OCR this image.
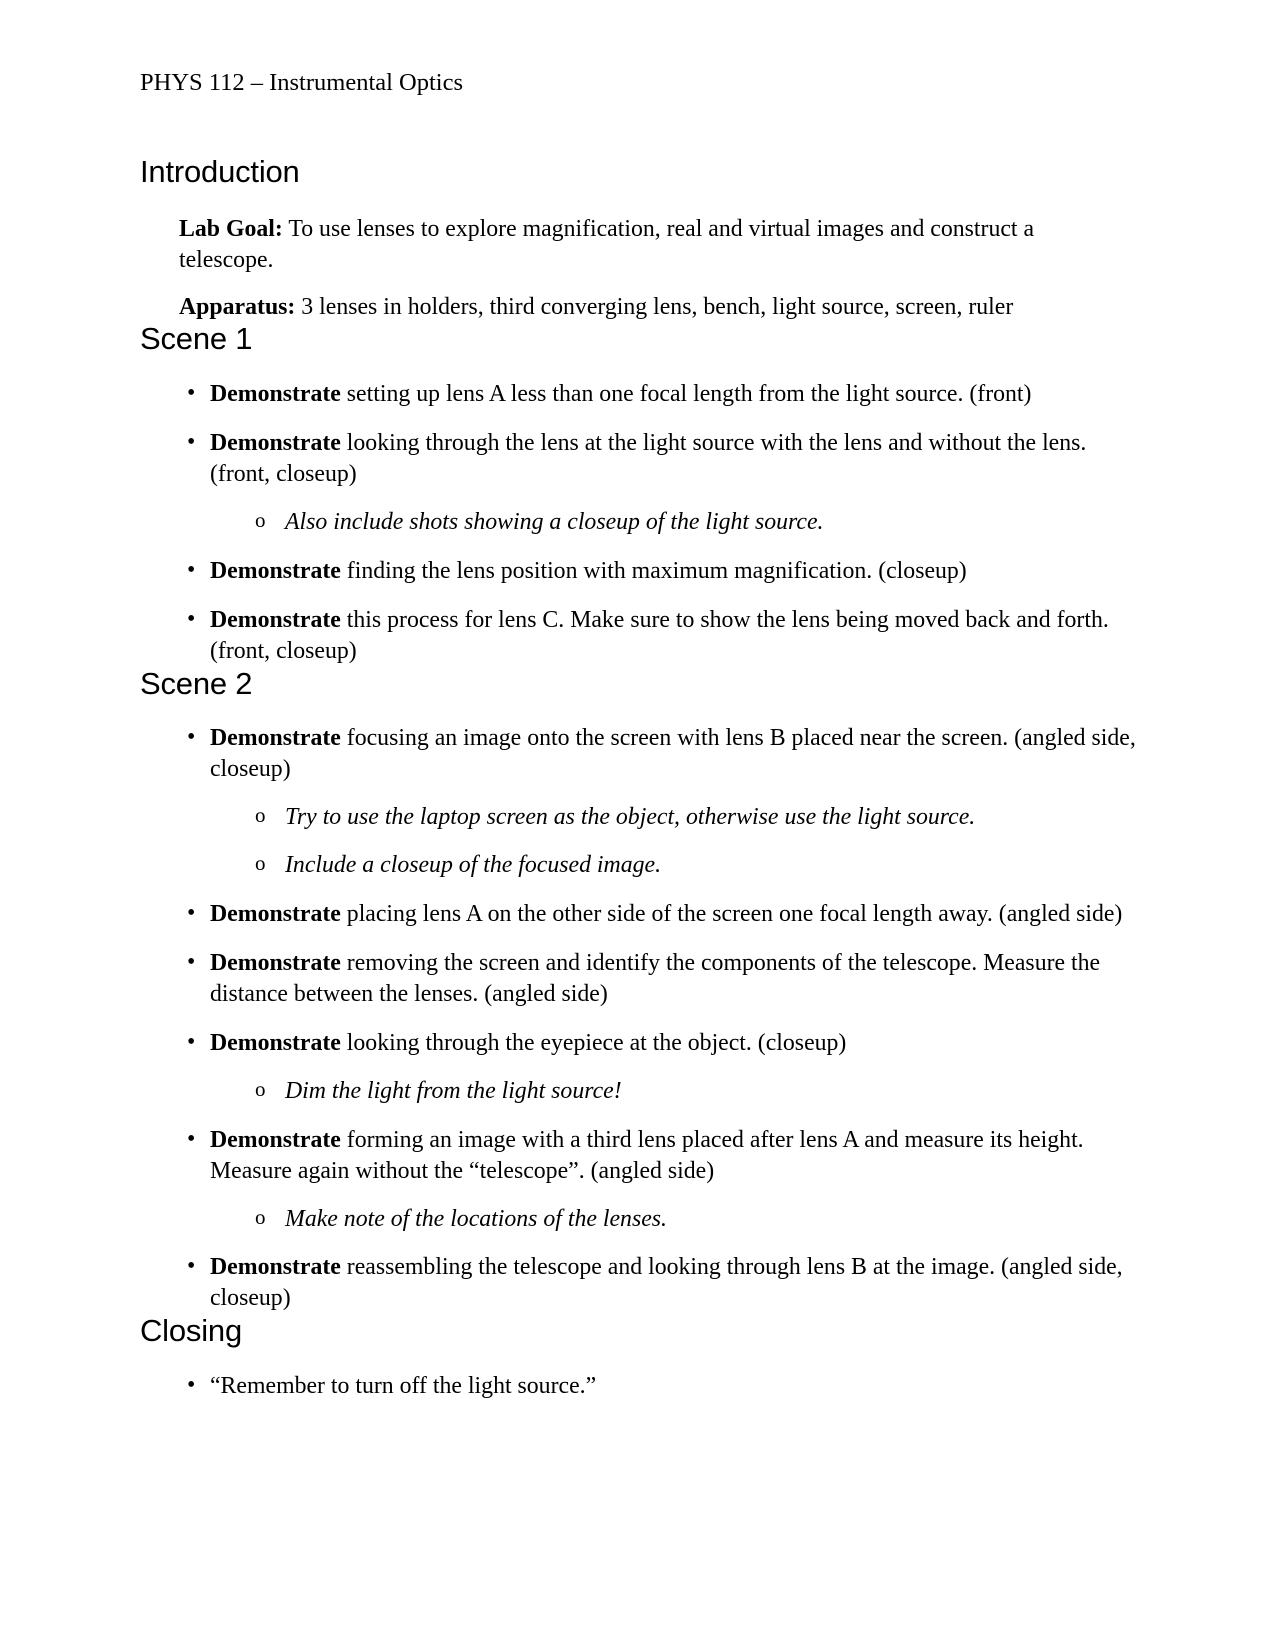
PHYS 112 – Instrumental Optics
Introduction

Lab Goal: To use lenses to explore magnification, real and virtual images and construct a telescope.

Apparatus: 3 lenses in holders, third converging lens, bench, light source, screen, ruler

Scene 1
• Demonstrate setting up lens A less than one focal length from the light source. (front)
• Demonstrate looking through the lens at the light source with the lens and without the lens. (front, closeup)
o Also include shots showing a closeup of the light source.
• Demonstrate finding the lens position with maximum magnification. (closeup)
• Demonstrate this process for lens C. Make sure to show the lens being moved back and forth. (front, closeup)
Scene 2
• Demonstrate focusing an image onto the screen with lens B placed near the screen. (angled side, closeup)
o Try to use the laptop screen as the object, otherwise use the light source.
o Include a closeup of the focused image.
• Demonstrate placing lens A on the other side of the screen one focal length away. (angled side)
• Demonstrate removing the screen and identify the components of the telescope. Measure the distance between the lenses. (angled side)
• Demonstrate looking through the eyepiece at the object. (closeup)
o Dim the light from the light source!
• Demonstrate forming an image with a third lens placed after lens A and measure its height. Measure again without the “telescope”. (angled side)
o Make note of the locations of the lenses.
• Demonstrate reassembling the telescope and looking through lens B at the image. (angled side, closeup)
Closing
• “Remember to turn off the light source.”
